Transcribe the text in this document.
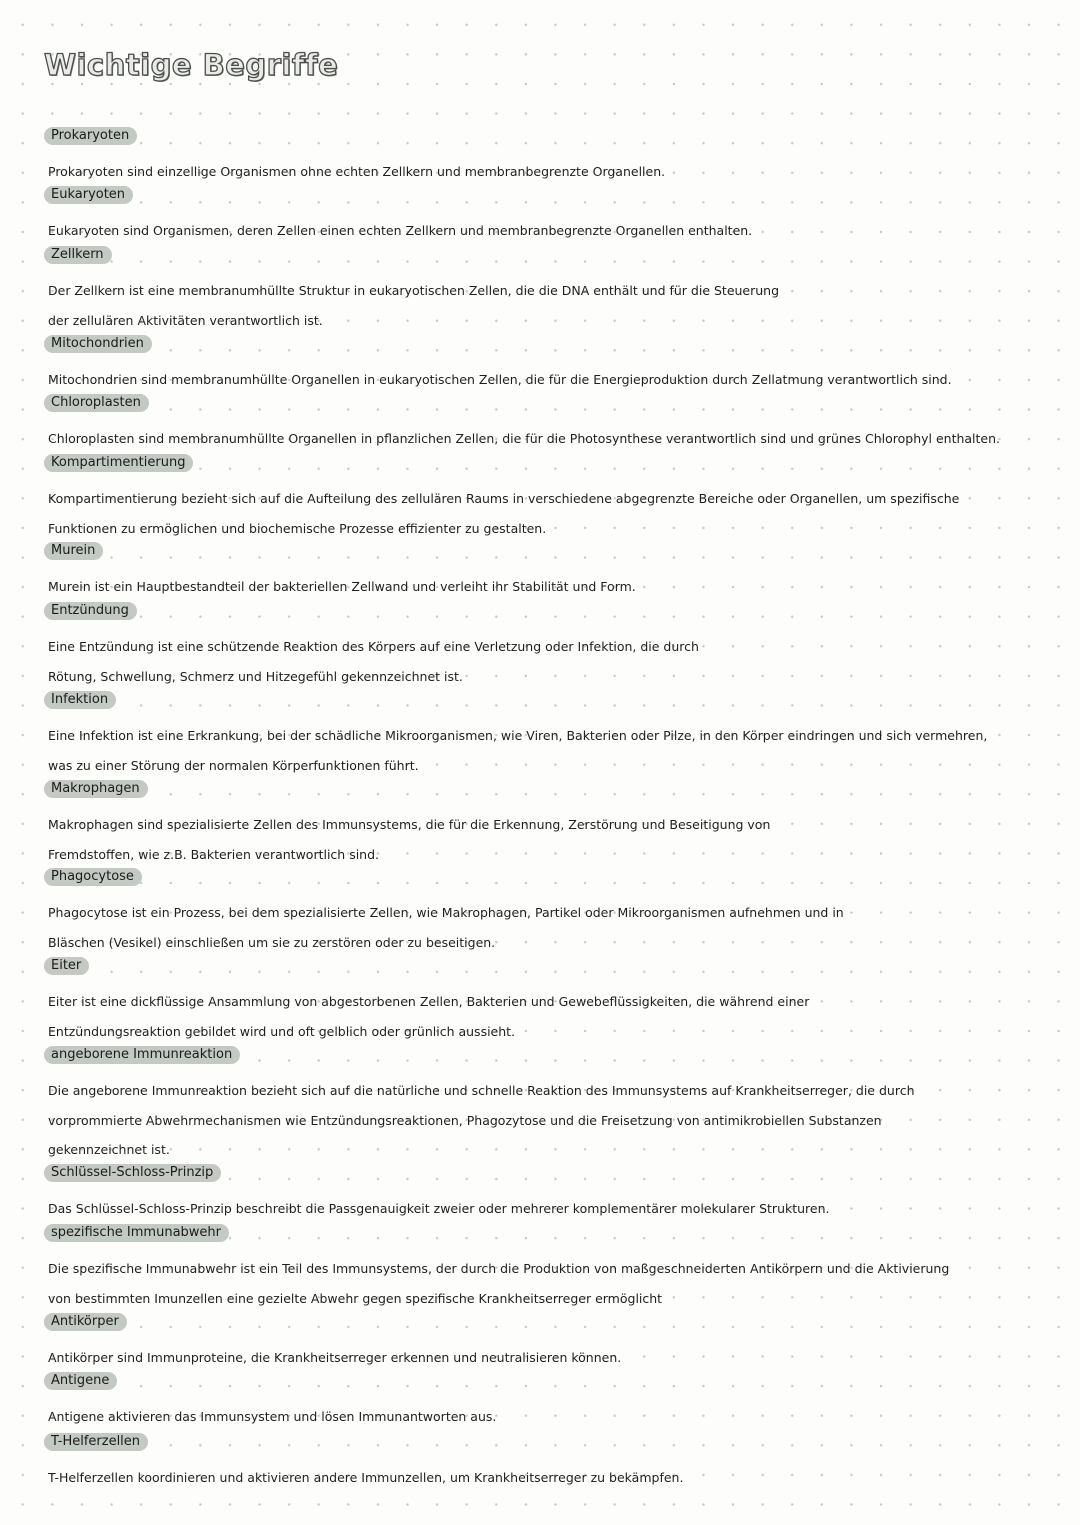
Wichtige Begriffe
Prokaryoten
Prokaryoten sind einzellige Organismen ohne echten Zellkern und membranbegrenzte Organellen.
Eukaryoten
Eukaryoten sind Organismen, deren Zellen einen echten Zellkern und membranbegrenzte Organellen enthalten.
Zellkern
Der Zellkern ist eine membranumhüllte Struktur in eukaryotischen Zellen, die die DNA enthält und für die Steuerung
der zellulären Aktivitäten verantwortlich ist.
Mitochondrien
Mitochondrien sind membranumhüllte Organellen in eukaryotischen Zellen, die für die Energieproduktion durch Zellatmung verantwortlich sind.
Chloroplasten
Chloroplasten sind membranumhüllte Organellen in pflanzlichen Zellen, die für die Photosynthese verantwortlich sind und grünes Chlorophyl enthalten.
Kompartimentierung
Kompartimentierung bezieht sich auf die Aufteilung des zellulären Raums in verschiedene abgegrenzte Bereiche oder Organellen, um spezifische
Funktionen zu ermöglichen und biochemische Prozesse effizienter zu gestalten.
Murein
Murein ist ein Hauptbestandteil der bakteriellen Zellwand und verleiht ihr Stabilität und Form.
Entzündung
Eine Entzündung ist eine schützende Reaktion des Körpers auf eine Verletzung oder Infektion, die durch
Rötung, Schwellung, Schmerz und Hitzegefühl gekennzeichnet ist.
Infektion
Eine Infektion ist eine Erkrankung, bei der schädliche Mikroorganismen, wie Viren, Bakterien oder Pilze, in den Körper eindringen und sich vermehren,
was zu einer Störung der normalen Körperfunktionen führt.
Makrophagen
Makrophagen sind spezialisierte Zellen des Immunsystems, die für die Erkennung, Zerstörung und Beseitigung von
Fremdstoffen, wie z.B. Bakterien verantwortlich sind.
Phagocytose
Phagocytose ist ein Prozess, bei dem spezialisierte Zellen, wie Makrophagen, Partikel oder Mikroorganismen aufnehmen und in
Bläschen (Vesikel) einschließen um sie zu zerstören oder zu beseitigen.
Eiter
Eiter ist eine dickflüssige Ansammlung von abgestorbenen Zellen, Bakterien und Gewebeflüssigkeiten, die während einer
Entzündungsreaktion gebildet wird und oft gelblich oder grünlich aussieht.
angeborene Immunreaktion
Die angeborene Immunreaktion bezieht sich auf die natürliche und schnelle Reaktion des Immunsystems auf Krankheitserreger, die durch
vorprommierte Abwehrmechanismen wie Entzündungsreaktionen, Phagozytose und die Freisetzung von antimikrobiellen Substanzen
gekennzeichnet ist.
Schlüssel-Schloss-Prinzip
Das Schlüssel-Schloss-Prinzip beschreibt die Passgenauigkeit zweier oder mehrerer komplementärer molekularer Strukturen.
spezifische Immunabwehr
Die spezifische Immunabwehr ist ein Teil des Immunsystems, der durch die Produktion von maßgeschneiderten Antikörpern und die Aktivierung
von bestimmten Imunzellen eine gezielte Abwehr gegen spezifische Krankheitserreger ermöglicht
Antikörper
Antikörper sind Immunproteine, die Krankheitserreger erkennen und neutralisieren können.
Antigene
Antigene aktivieren das Immunsystem und lösen Immunantworten aus.
T-Helferzellen
T-Helferzellen koordinieren und aktivieren andere Immunzellen, um Krankheitserreger zu bekämpfen.
